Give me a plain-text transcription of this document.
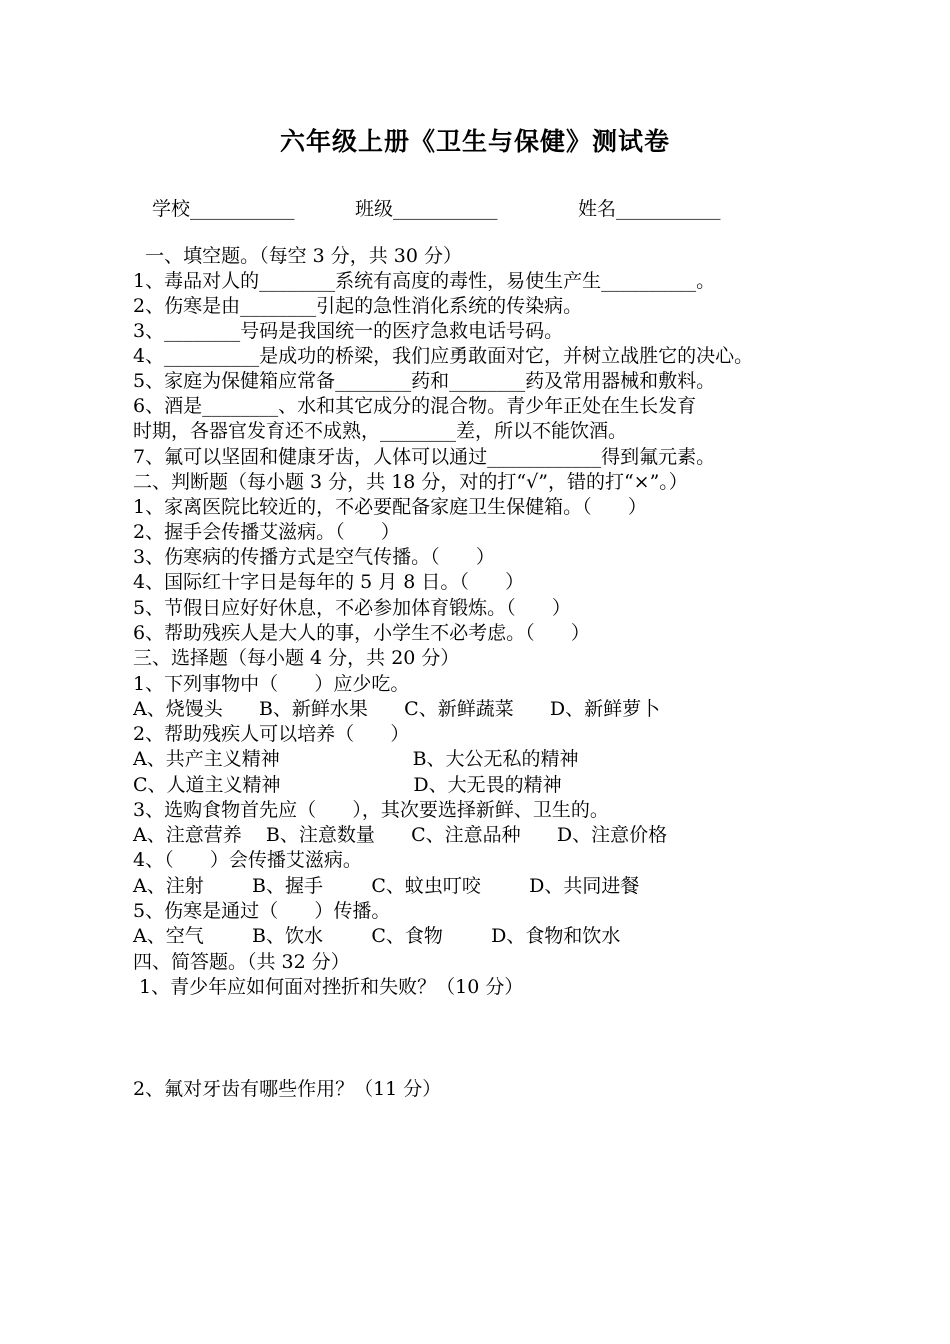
六年级上册《卫生与保健》测试卷
学校___________	班级___________	姓名___________
一、填空题。（每空 3 分，共 30 分）
1、毒品对人的________系统有高度的毒性，易使生产生__________。
2、伤寒是由________引起的急性消化系统的传染病。
3、________号码是我国统一的医疗急救电话号码。
4、__________是成功的桥梁，我们应勇敢面对它，并树立战胜它的决心。
5、家庭为保健箱应常备________药和________药及常用器械和敷料。
6、酒是________、水和其它成分的混合物。青少年正处在生长发育
时期，各器官发育还不成熟，________差，所以不能饮酒。
7、氟可以坚固和健康牙齿，人体可以通过____________得到氟元素。
二、判断题（每小题 3 分，共 18 分，对的打“√”，错的打“×”。）
1、家离医院比较近的，不必要配备家庭卫生保健箱。（      ）
2、握手会传播艾滋病。（      ）
3、伤寒病的传播方式是空气传播。（      ）
4、国际红十字日是每年的 5 月 8 日。（      ）
5、节假日应好好休息，不必参加体育锻炼。（      ）
6、帮助残疾人是大人的事，小学生不必考虑。（      ）
三、选择题（每小题 4 分，共 20 分）
1、下列事物中（      ）应少吃。
A、烧馒头      B、新鲜水果      C、新鲜蔬菜      D、新鲜萝卜
2、帮助残疾人可以培养（      ）
A、共产主义精神                      B、大公无私的精神
C、人道主义精神                      D、大无畏的精神
3、选购食物首先应（      ），其次要选择新鲜、卫生的。
A、注意营养    B、注意数量      C、注意品种      D、注意价格
4、（      ）会传播艾滋病。
A、注射        B、握手        C、蚊虫叮咬        D、共同进餐
5、伤寒是通过（      ）传播。
A、空气        B、饮水        C、食物        D、食物和饮水
四、简答题。（共 32 分）
1、青少年应如何面对挫折和失败？（10 分）
2、氟对牙齿有哪些作用？（11 分）
